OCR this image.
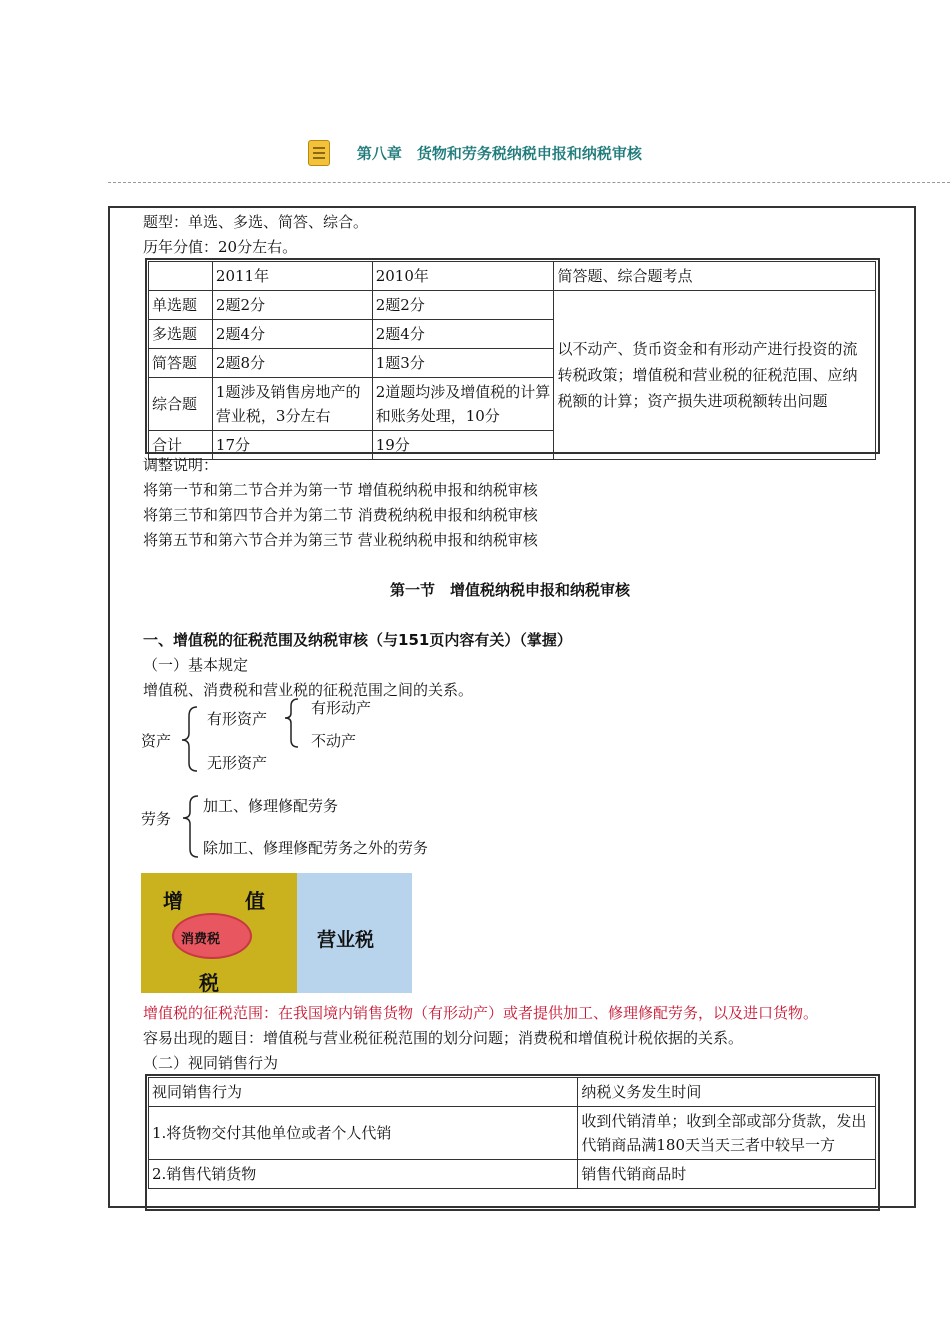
第八章　货物和劳务税纳税申报和纳税审核
题型：单选、多选、简答、综合。
历年分值：20分左右。
	2011年	2010年	简答题、综合题考点
单选题	2题2分	2题2分	以不动产、货币资金和有形动产进行投资的流转税政策；增值税和营业税的征税范围、应纳税额的计算；资产损失进项税额转出问题
多选题	2题4分	2题4分	
简答题	2题8分	1题3分	
综合题	1题涉及销售房地产的营业税，3分左右	2道题均涉及增值税的计算和账务处理，10分	
合计	17分	19分	
调整说明：
将第一节和第二节合并为第一节 增值税纳税申报和纳税审核
将第三节和第四节合并为第二节 消费税纳税申报和纳税审核
将第五节和第六节合并为第三节 营业税纳税申报和纳税审核
第一节　增值税纳税申报和纳税审核
一、增值税的征税范围及纳税审核（与151页内容有关）（掌握）
（一）基本规定
增值税、消费税和营业税的征税范围之间的关系。
资产
有形资产
有形动产
不动产
无形资产
劳务
加工、修理修配劳务
除加工、修理修配劳务之外的劳务
增	值
消费税
税
营业税
增值税的征税范围：在我国境内销售货物（有形动产）或者提供加工、修理修配劳务，以及进口货物。
容易出现的题目：增值税与营业税征税范围的划分问题；消费税和增值税计税依据的关系。
（二）视同销售行为
视同销售行为	纳税义务发生时间
1.将货物交付其他单位或者个人代销	收到代销清单；收到全部或部分货款，发出代销商品满180天当天三者中较早一方
2.销售代销货物	销售代销商品时
